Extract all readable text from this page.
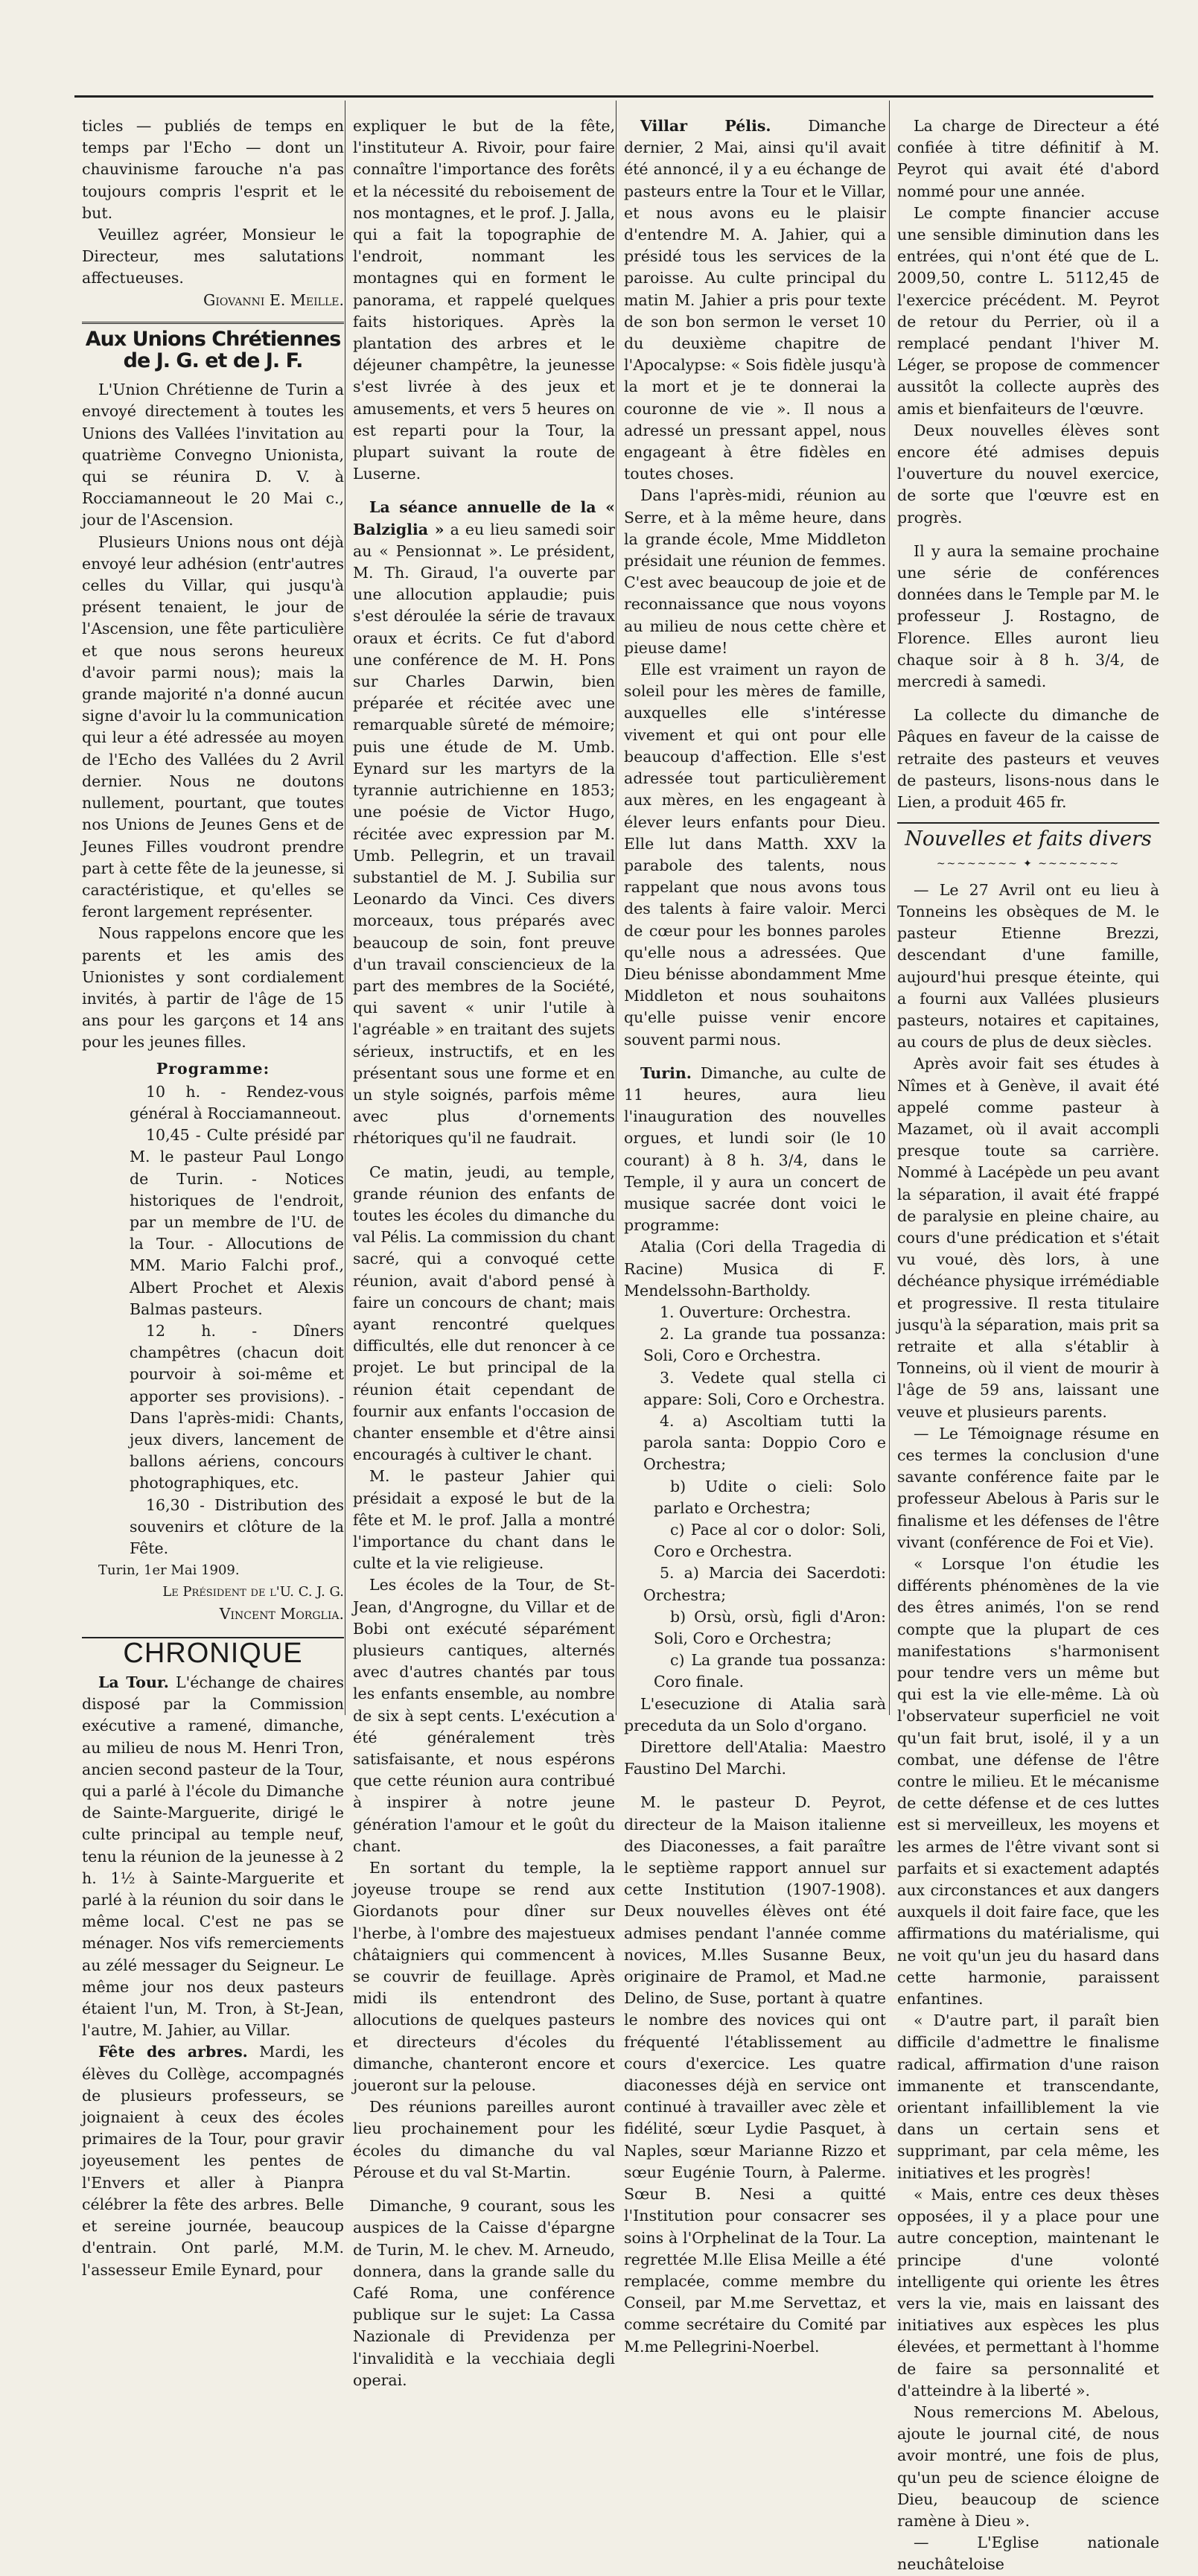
ticles — publiés de temps en temps par l'Echo — dont un chauvinisme farouche n'a pas toujours compris l'esprit et le but.

Veuillez agréer, Monsieur le Directeur, mes salutations affectueuses.

Giovanni E. Meille.

Aux Unions Chrétiennes de J. G. et de J. F.

L'Union Chrétienne de Turin a envoyé directement à toutes les Unions des Vallées l'invitation au quatrième Convegno Unionista, qui se réunira D. V. à Rocciamanneout le 20 Mai c., jour de l'Ascension.

Plusieurs Unions nous ont déjà envoyé leur adhésion (entr'autres celles du Villar, qui jusqu'à présent tenaient, le jour de l'Ascension, une fête particulière et que nous serons heureux d'avoir parmi nous); mais la grande majorité n'a donné aucun signe d'avoir lu la communication qui leur a été adressée au moyen de l'Echo des Vallées du 2 Avril dernier. Nous ne doutons nullement, pourtant, que toutes nos Unions de Jeunes Gens et de Jeunes Filles voudront prendre part à cette fête de la jeunesse, si caractéristique, et qu'elles se feront largement représenter.

Nous rappelons encore que les parents et les amis des Unionistes y sont cordialement invités, à partir de l'âge de 15 ans pour les garçons et 14 ans pour les jeunes filles.

Programme:

10 h. - Rendez-vous général à Rocciamanneout.

10,45 - Culte présidé par M. le pasteur Paul Longo de Turin. - Notices historiques de l'endroit, par un membre de l'U. de la Tour. - Allocutions de MM. Mario Falchi prof., Albert Prochet et Alexis Balmas pasteurs.

12 h. - Dîners champêtres (chacun doit pourvoir à soi-même et apporter ses provisions). - Dans l'après-midi: Chants, jeux divers, lancement de ballons aériens, concours photographiques, etc.

16,30 - Distribution des souvenirs et clôture de la Fête.

Turin, 1er Mai 1909.

Le Président de l'U. C. J. G.

Vincent Morglia.

CHRONIQUE

La Tour. L'échange de chaires disposé par la Commission exécutive a ramené, dimanche, au milieu de nous M. Henri Tron, ancien second pasteur de la Tour, qui a parlé à l'école du Dimanche de Sainte-Marguerite, dirigé le culte principal au temple neuf, tenu la réunion de la jeunesse à 2 h. 1½ à Sainte-Marguerite et parlé à la réunion du soir dans le même local. C'est ne pas se ménager. Nos vifs remerciements au zélé messager du Seigneur. Le même jour nos deux pasteurs étaient l'un, M. Tron, à St-Jean, l'autre, M. Jahier, au Villar.

Fête des arbres. Mardi, les élèves du Collège, accompagnés de plusieurs professeurs, se joignaient à ceux des écoles primaires de la Tour, pour gravir joyeusement les pentes de l'Envers et aller à Pianpra célébrer la fête des arbres. Belle et sereine journée, beaucoup d'entrain. Ont parlé, M.M. l'assesseur Emile Eynard, pour

expliquer le but de la fête, l'instituteur A. Rivoir, pour faire connaître l'importance des forêts et la nécessité du reboisement de nos montagnes, et le prof. J. Jalla, qui a fait la topographie de l'endroit, nommant les montagnes qui en forment le panorama, et rappelé quelques faits historiques. Après la plantation des arbres et le déjeuner champêtre, la jeunesse s'est livrée à des jeux et amusements, et vers 5 heures on est reparti pour la Tour, la plupart suivant la route de Luserne.

La séance annuelle de la « Balziglia » a eu lieu samedi soir au « Pensionnat ». Le président, M. Th. Giraud, l'a ouverte par une allocution applaudie; puis s'est déroulée la série de travaux oraux et écrits. Ce fut d'abord une conférence de M. H. Pons sur Charles Darwin, bien préparée et récitée avec une remarquable sûreté de mémoire; puis une étude de M. Umb. Eynard sur les martyrs de la tyrannie autrichienne en 1853; une poésie de Victor Hugo, récitée avec expression par M. Umb. Pellegrin, et un travail substantiel de M. J. Subilia sur Leonardo da Vinci. Ces divers morceaux, tous préparés avec beaucoup de soin, font preuve d'un travail consciencieux de la part des membres de la Société, qui savent « unir l'utile à l'agréable » en traitant des sujets sérieux, instructifs, et en les présentant sous une forme et en un style soignés, parfois même avec plus d'ornements rhétoriques qu'il ne faudrait.

Ce matin, jeudi, au temple, grande réunion des enfants de toutes les écoles du dimanche du val Pélis. La commission du chant sacré, qui a convoqué cette réunion, avait d'abord pensé à faire un concours de chant; mais ayant rencontré quelques difficultés, elle dut renoncer à ce projet. Le but principal de la réunion était cependant de fournir aux enfants l'occasion de chanter ensemble et d'être ainsi encouragés à cultiver le chant.

M. le pasteur Jahier qui présidait a exposé le but de la fête et M. le prof. Jalla a montré l'importance du chant dans le culte et la vie religieuse.

Les écoles de la Tour, de St-Jean, d'Angrogne, du Villar et de Bobi ont exécuté séparément plusieurs cantiques, alternés avec d'autres chantés par tous les enfants ensemble, au nombre de six à sept cents. L'exécution a été généralement très satisfaisante, et nous espérons que cette réunion aura contribué à inspirer à notre jeune génération l'amour et le goût du chant.

En sortant du temple, la joyeuse troupe se rend aux Giordanots pour dîner sur l'herbe, à l'ombre des majestueux châtaigniers qui commencent à se couvrir de feuillage. Après midi ils entendront des allocutions de quelques pasteurs et directeurs d'écoles du dimanche, chanteront encore et joueront sur la pelouse.

Des réunions pareilles auront lieu prochainement pour les écoles du dimanche du val Pérouse et du val St-Martin.

Dimanche, 9 courant, sous les auspices de la Caisse d'épargne de Turin, M. le chev. M. Arneudo, donnera, dans la grande salle du Café Roma, une conférence publique sur le sujet: La Cassa Nazionale di Previdenza per l'invalidità e la vecchiaia degli operai.

Villar Pélis. Dimanche dernier, 2 Mai, ainsi qu'il avait été annoncé, il y a eu échange de pasteurs entre la Tour et le Villar, et nous avons eu le plaisir d'entendre M. A. Jahier, qui a présidé tous les services de la paroisse. Au culte principal du matin M. Jahier a pris pour texte de son bon sermon le verset 10 du deuxième chapitre de l'Apocalypse: « Sois fidèle jusqu'à la mort et je te donnerai la couronne de vie ». Il nous a adressé un pressant appel, nous engageant à être fidèles en toutes choses.

Dans l'après-midi, réunion au Serre, et à la même heure, dans la grande école, Mme Middleton présidait une réunion de femmes. C'est avec beaucoup de joie et de reconnaissance que nous voyons au milieu de nous cette chère et pieuse dame!

Elle est vraiment un rayon de soleil pour les mères de famille, auxquelles elle s'intéresse vivement et qui ont pour elle beaucoup d'affection. Elle s'est adressée tout particulièrement aux mères, en les engageant à élever leurs enfants pour Dieu. Elle lut dans Matth. XXV la parabole des talents, nous rappelant que nous avons tous des talents à faire valoir. Merci de cœur pour les bonnes paroles qu'elle nous a adressées. Que Dieu bénisse abondamment Mme Middleton et nous souhaitons qu'elle puisse venir encore souvent parmi nous.

Turin. Dimanche, au culte de 11 heures, aura lieu l'inauguration des nouvelles orgues, et lundi soir (le 10 courant) à 8 h. 3/4, dans le Temple, il y aura un concert de musique sacrée dont voici le programme:

Atalia (Cori della Tragedia di Racine) Musica di F. Mendelssohn-Bartholdy.

1. Ouverture: Orchestra.

2. La grande tua possanza: Soli, Coro e Orchestra.

3. Vedete qual stella ci appare: Soli, Coro e Orchestra.

4. a) Ascoltiam tutti la parola santa: Doppio Coro e Orchestra;

b) Udite o cieli: Solo parlato e Orchestra;

c) Pace al cor o dolor: Soli, Coro e Orchestra.

5. a) Marcia dei Sacerdoti: Orchestra;

b) Orsù, orsù, figli d'Aron: Soli, Coro e Orchestra;

c) La grande tua possanza: Coro finale.

L'esecuzione di Atalia sarà preceduta da un Solo d'organo.

Direttore dell'Atalia: Maestro Faustino Del Marchi.

M. le pasteur D. Peyrot, directeur de la Maison italienne des Diaconesses, a fait paraître le septième rapport annuel sur cette Institution (1907-1908). Deux nouvelles élèves ont été admises pendant l'année comme novices, M.lles Susanne Beux, originaire de Pramol, et Mad.ne Delino, de Suse, portant à quatre le nombre des novices qui ont fréquenté l'établissement au cours d'exercice. Les quatre diaconesses déjà en service ont continué à travailler avec zèle et fidélité, sœur Lydie Pasquet, à Naples, sœur Marianne Rizzo et sœur Eugénie Tourn, à Palerme. Sœur B. Nesi a quitté l'Institution pour consacrer ses soins à l'Orphelinat de la Tour. La regrettée M.lle Elisa Meille a été remplacée, comme membre du Conseil, par M.me Servettaz, et comme secrétaire du Comité par M.me Pellegrini-Noerbel.

La charge de Directeur a été confiée à titre définitif à M. Peyrot qui avait été d'abord nommé pour une année.

Le compte financier accuse une sensible diminution dans les entrées, qui n'ont été que de L. 2009,50, contre L. 5112,45 de l'exercice précédent. M. Peyrot de retour du Perrier, où il a remplacé pendant l'hiver M. Léger, se propose de commencer aussitôt la collecte auprès des amis et bienfaiteurs de l'œuvre.

Deux nouvelles élèves sont encore été admises depuis l'ouverture du nouvel exercice, de sorte que l'œuvre est en progrès.

Il y aura la semaine prochaine une série de conférences données dans le Temple par M. le professeur J. Rostagno, de Florence. Elles auront lieu chaque soir à 8 h. 3/4, de mercredi à samedi.

La collecte du dimanche de Pâques en faveur de la caisse de retraite des pasteurs et veuves de pasteurs, lisons-nous dans le Lien, a produit 465 fr.

Nouvelles et faits divers
~~~~~~~~ ✦ ~~~~~~~~

— Le 27 Avril ont eu lieu à Tonneins les obsèques de M. le pasteur Etienne Brezzi, descendant d'une famille, aujourd'hui presque éteinte, qui a fourni aux Vallées plusieurs pasteurs, notaires et capitaines, au cours de plus de deux siècles.

Après avoir fait ses études à Nîmes et à Genève, il avait été appelé comme pasteur à Mazamet, où il avait accompli presque toute sa carrière. Nommé à Lacépède un peu avant la séparation, il avait été frappé de paralysie en pleine chaire, au cours d'une prédication et s'était vu voué, dès lors, à une déchéance physique irrémédiable et progressive. Il resta titulaire jusqu'à la séparation, mais prit sa retraite et alla s'établir à Tonneins, où il vient de mourir à l'âge de 59 ans, laissant une veuve et plusieurs parents.

— Le Témoignage résume en ces termes la conclusion d'une savante conférence faite par le professeur Abelous à Paris sur le finalisme et les défenses de l'être vivant (conférence de Foi et Vie).

« Lorsque l'on étudie les différents phénomènes de la vie des êtres animés, l'on se rend compte que la plupart de ces manifestations s'harmonisent pour tendre vers un même but qui est la vie elle-même. Là où l'observateur superficiel ne voit qu'un fait brut, isolé, il y a un combat, une défense de l'être contre le milieu. Et le mécanisme de cette défense et de ces luttes est si merveilleux, les moyens et les armes de l'être vivant sont si parfaits et si exactement adaptés aux circonstances et aux dangers auxquels il doit faire face, que les affirmations du matérialisme, qui ne voit qu'un jeu du hasard dans cette harmonie, paraissent enfantines.

« D'autre part, il paraît bien difficile d'admettre le finalisme radical, affirmation d'une raison immanente et transcendante, orientant infailliblement la vie dans un certain sens et supprimant, par cela même, les initiatives et les progrès!

« Mais, entre ces deux thèses opposées, il y a place pour une autre conception, maintenant le principe d'une volonté intelligente qui oriente les êtres vers la vie, mais en laissant des initiatives aux espèces les plus élevées, et permettant à l'homme de faire sa personnalité et d'atteindre à la liberté ».

Nous remercions M. Abelous, ajoute le journal cité, de nous avoir montré, une fois de plus, qu'un peu de science éloigne de Dieu, beaucoup de science ramène à Dieu ».

— L'Eglise nationale neuchâteloise
